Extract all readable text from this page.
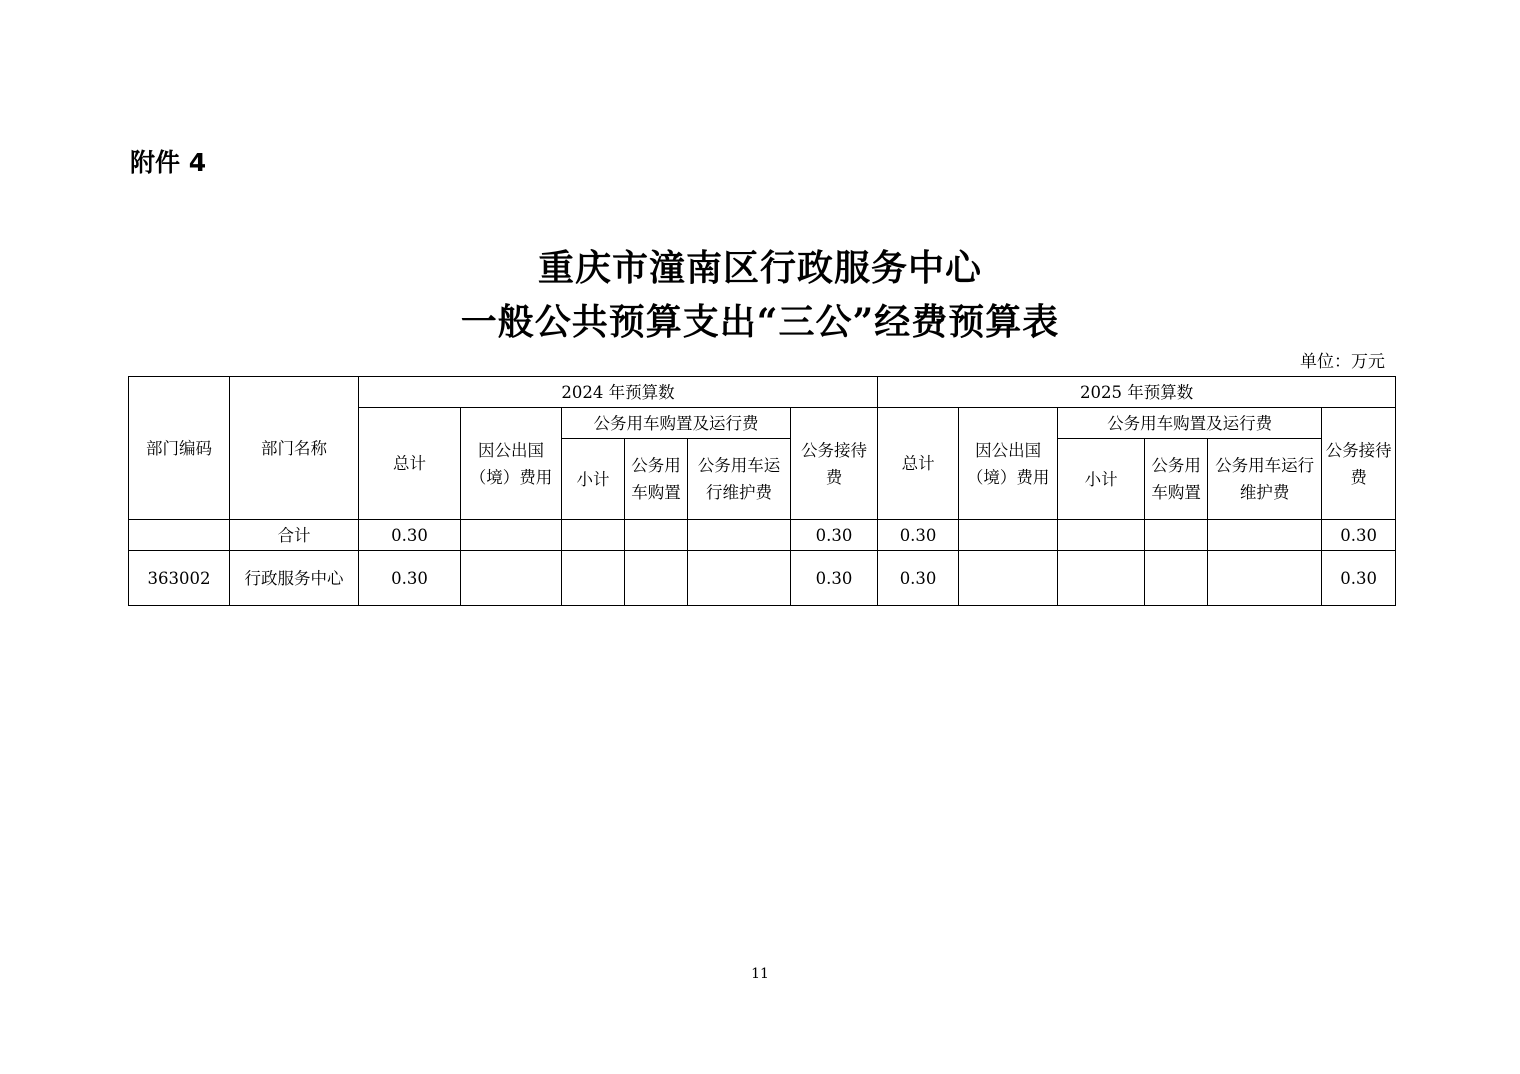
附件 4
重庆市潼南区行政服务中心
一般公共预算支出“三公”经费预算表
单位：万元
部门编码	部门名称	2024 年预算数						2025 年预算数					
		总计	因公出国（境）费用	公务用车购置及运行费			公务接待费	总计	因公出国（境）费用	公务用车购置及运行费			公务接待费
				小计	公务用车购置	公务用车运行维护费				小计	公务用车购置	公务用车运行维护费	
	合计	0.30					0.30	0.30					0.30
363002	行政服务中心	0.30					0.30	0.30					0.30
11
